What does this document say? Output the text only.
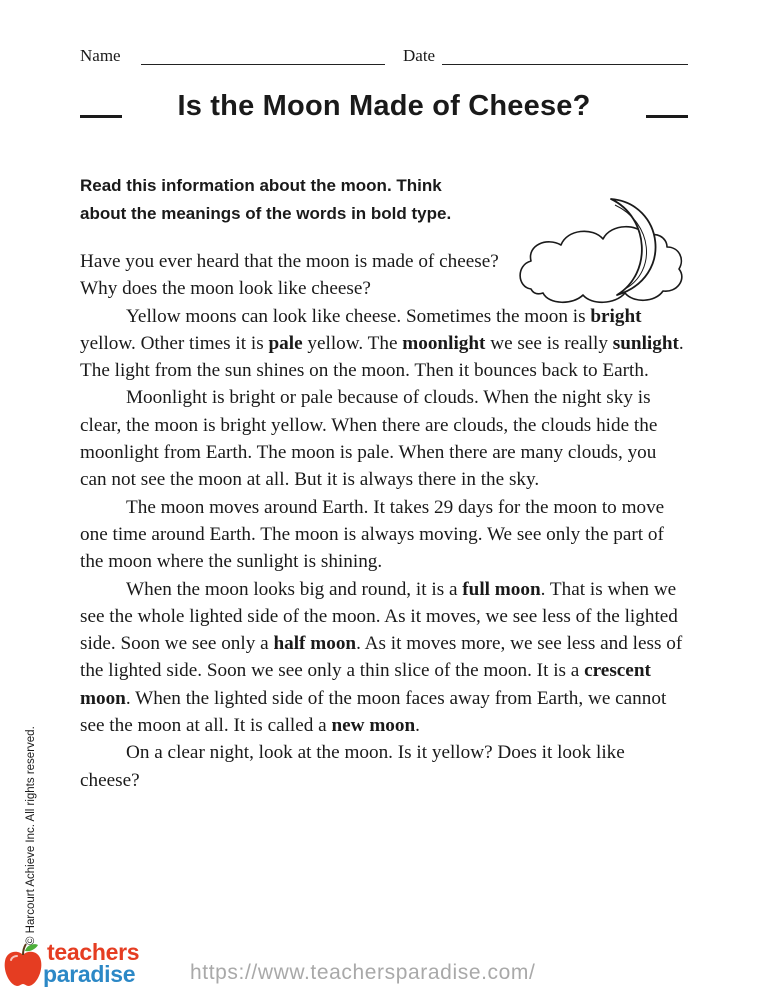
Name	Date
Is the Moon Made of Cheese?
Read this information about the moon. Think
about the meanings of the words in bold type.

Have you ever heard that the moon is made of cheese? Why does the moon look like cheese?

Yellow moons can look like cheese. Sometimes the moon is bright yellow. Other times it is pale yellow. The moonlight we see is really sunlight. The light from the sun shines on the moon. Then it bounces back to Earth.

Moonlight is bright or pale because of clouds. When the night sky is clear, the moon is bright yellow. When there are clouds, the clouds hide the moonlight from Earth. The moon is pale. When there are many clouds, you can not see the moon at all. But it is always there in the sky.

The moon moves around Earth. It takes 29 days for the moon to move one time around Earth. The moon is always moving. We see only the part of the moon where the sunlight is shining.

When the moon looks big and round, it is a full moon. That is when we see the whole lighted side of the moon. As it moves, we see less of the lighted side. Soon we see only a half moon. As it moves more, we see less and less of the lighted side. Soon we see only a thin slice of the moon. It is a crescent moon. When the lighted side of the moon faces away from Earth, we cannot see the moon at all. It is called a new moon.

On a clear night, look at the moon. Is it yellow? Does it look like cheese?

© Harcourt Achieve Inc. All rights reserved.
teachers
paradise	https://www.teachersparadise.com/
